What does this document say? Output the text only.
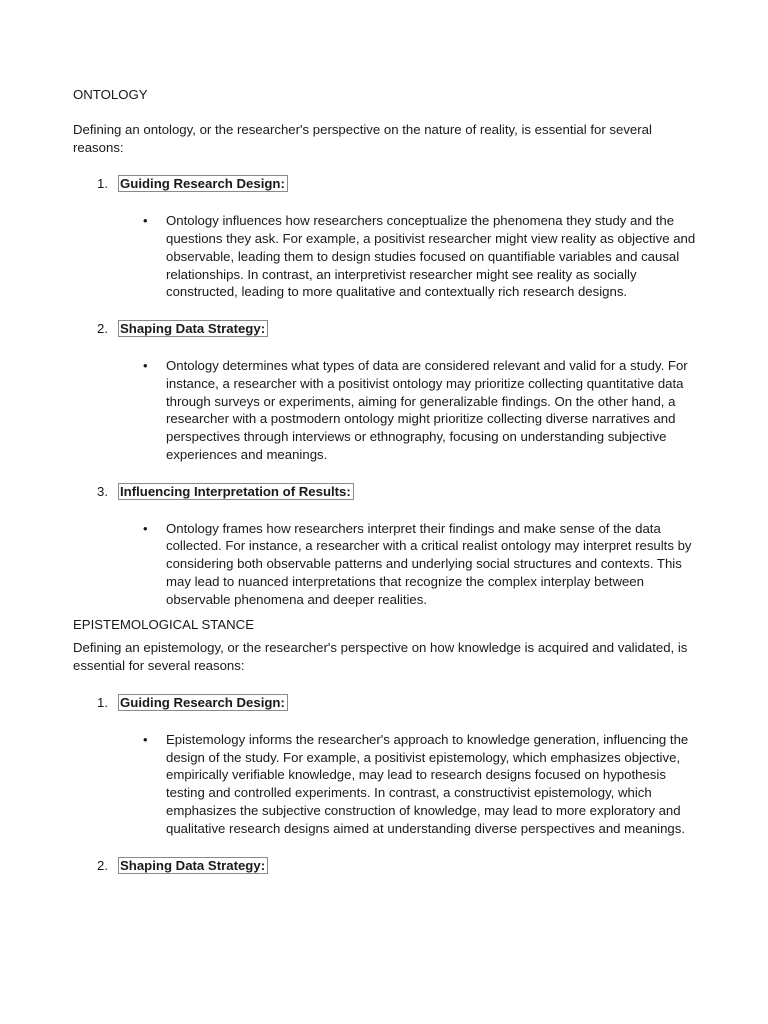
ONTOLOGY

Defining an ontology, or the researcher's perspective on the nature of reality, is essential for several reasons:

1. Guiding Research Design:
• Ontology influences how researchers conceptualize the phenomena they study and the questions they ask. For example, a positivist researcher might view reality as objective and observable, leading them to design studies focused on quantifiable variables and causal relationships. In contrast, an interpretivist researcher might see reality as socially constructed, leading to more qualitative and contextually rich research designs.

2. Shaping Data Strategy:
• Ontology determines what types of data are considered relevant and valid for a study. For instance, a researcher with a positivist ontology may prioritize collecting quantitative data through surveys or experiments, aiming for generalizable findings. On the other hand, a researcher with a postmodern ontology might prioritize collecting diverse narratives and perspectives through interviews or ethnography, focusing on understanding subjective experiences and meanings.

3. Influencing Interpretation of Results:
• Ontology frames how researchers interpret their findings and make sense of the data collected. For instance, a researcher with a critical realist ontology may interpret results by considering both observable patterns and underlying social structures and contexts. This may lead to nuanced interpretations that recognize the complex interplay between observable phenomena and deeper realities.

EPISTEMOLOGICAL STANCE

Defining an epistemology, or the researcher's perspective on how knowledge is acquired and validated, is essential for several reasons:

1. Guiding Research Design:
• Epistemology informs the researcher's approach to knowledge generation, influencing the design of the study. For example, a positivist epistemology, which emphasizes objective, empirically verifiable knowledge, may lead to research designs focused on hypothesis testing and controlled experiments. In contrast, a constructivist epistemology, which emphasizes the subjective construction of knowledge, may lead to more exploratory and qualitative research designs aimed at understanding diverse perspectives and meanings.

2. Shaping Data Strategy:
